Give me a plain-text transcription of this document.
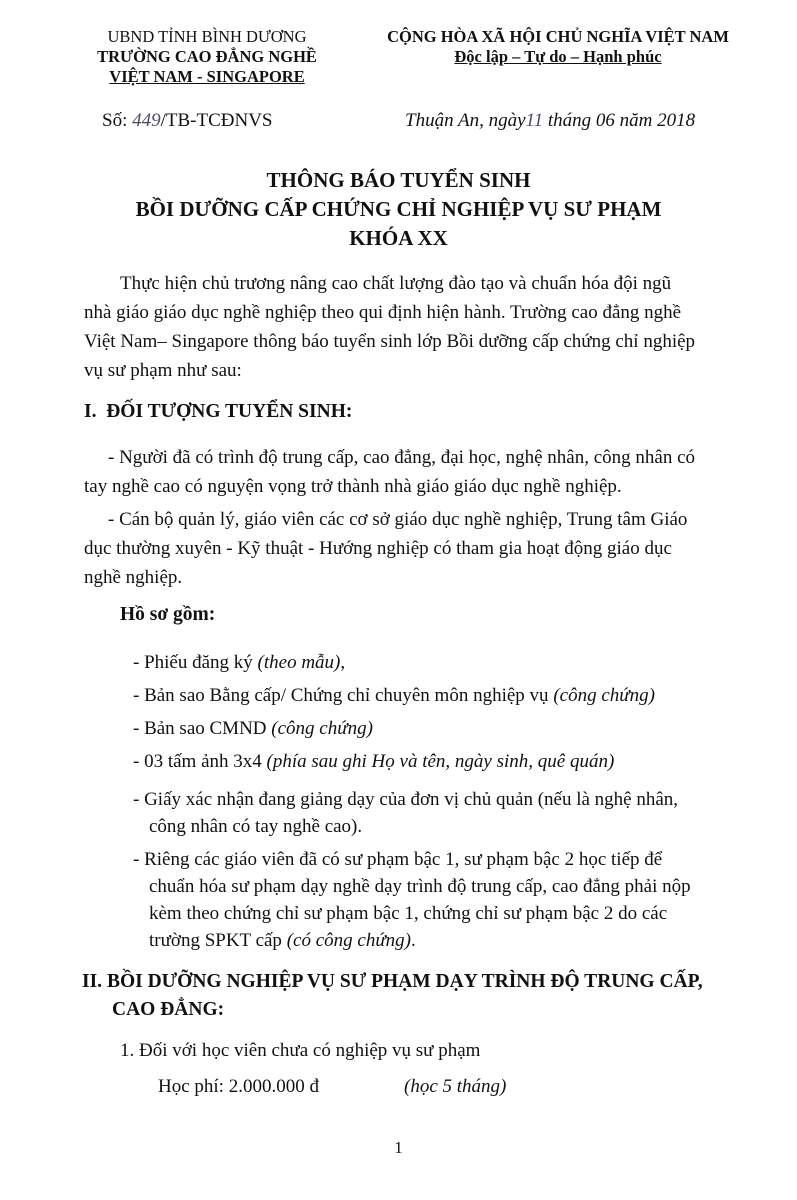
UBND TỈNH BÌNH DƯƠNG
TRƯỜNG CAO ĐẲNG NGHỀ
VIỆT NAM - SINGAPORE
CỘNG HÒA XÃ HỘI CHỦ NGHĨA VIỆT NAM
Độc lập – Tự do – Hạnh phúc
Số: 449/TB-TCĐNVS	Thuận An, ngày11 tháng 06 năm 2018
THÔNG BÁO TUYỂN SINH
BỒI DƯỠNG CẤP CHỨNG CHỈ NGHIỆP VỤ SƯ PHẠM
KHÓA XX
Thực hiện chủ trương nâng cao chất lượng đào tạo và chuẩn hóa đội ngũ
nhà giáo giáo dục nghề nghiệp theo qui định hiện hành. Trường cao đẳng nghề
Việt Nam– Singapore thông báo tuyển sinh lớp Bồi dưỡng cấp chứng chỉ nghiệp
vụ sư phạm như sau:
I. ĐỐI TƯỢNG TUYỂN SINH:
- Người đã có trình độ trung cấp, cao đẳng, đại học, nghệ nhân, công nhân có
tay nghề cao có nguyện vọng trở thành nhà giáo giáo dục nghề nghiệp.
- Cán bộ quản lý, giáo viên các cơ sở giáo dục nghề nghiệp, Trung tâm Giáo
dục thường xuyên - Kỹ thuật - Hướng nghiệp có tham gia hoạt động giáo dục
nghề nghiệp.
Hồ sơ gồm:
- Phiếu đăng ký (theo mẫu),
- Bản sao Bằng cấp/ Chứng chỉ chuyên môn nghiệp vụ (công chứng)
- Bản sao CMND (công chứng)
- 03 tấm ảnh 3x4 (phía sau ghi Họ và tên, ngày sinh, quê quán)
- Giấy xác nhận đang giảng dạy của đơn vị chủ quản (nếu là nghệ nhân,
công nhân có tay nghề cao).
- Riêng các giáo viên đã có sư phạm bậc 1, sư phạm bậc 2 học tiếp để
chuẩn hóa sư phạm dạy nghề dạy trình độ trung cấp, cao đẳng phải nộp
kèm theo chứng chỉ sư phạm bậc 1, chứng chỉ sư phạm bậc 2 do các
trường SPKT cấp (có công chứng).
II. BỒI DƯỠNG NGHIỆP VỤ SƯ PHẠM DẠY TRÌNH ĐỘ TRUNG CẤP,
CAO ĐẲNG:
1. Đối với học viên chưa có nghiệp vụ sư phạm
Học phí: 2.000.000 đ	(học 5 tháng)
1
